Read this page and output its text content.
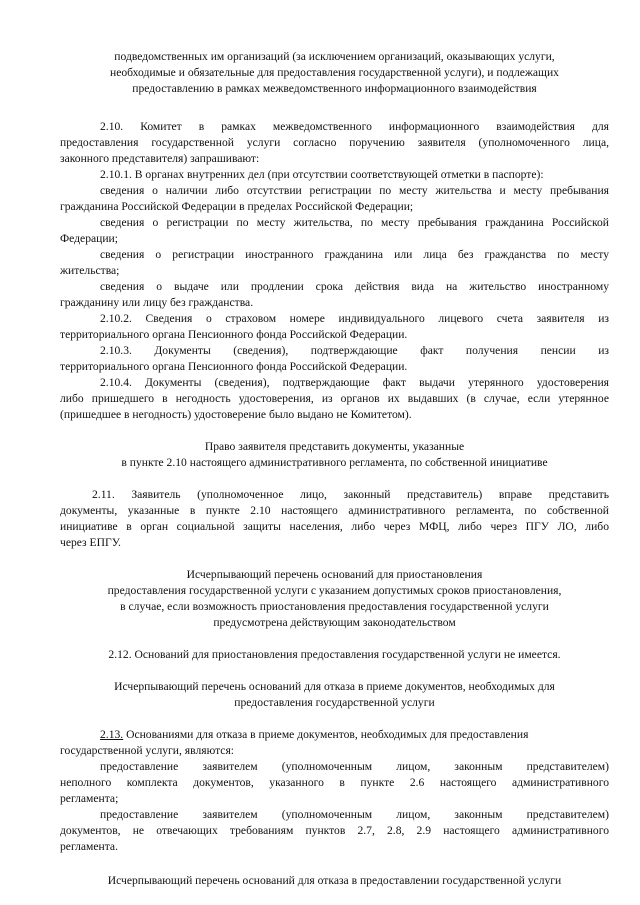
подведомственных им организаций (за исключением организаций, оказывающих услуги,
необходимые и обязательные для предоставления государственной услуги), и подлежащих
предоставлению в рамках межведомственного информационного взаимодействия
2.10. Комитет в рамках межведомственного информационного взаимодействия для
предоставления государственной услуги согласно поручению заявителя (уполномоченного лица,
законного представителя) запрашивают:
2.10.1. В органах внутренних дел (при отсутствии соответствующей отметки в паспорте):
сведения о наличии либо отсутствии регистрации по месту жительства и месту пребывания
гражданина Российской Федерации в пределах Российской Федерации;
сведения о регистрации по месту жительства, по месту пребывания гражданина Российской
Федерации;
сведения о регистрации иностранного гражданина или лица без гражданства по месту
жительства;
сведения о выдаче или продлении срока действия вида на жительство иностранному
гражданину или лицу без гражданства.
2.10.2. Сведения о страховом номере индивидуального лицевого счета заявителя из
территориального органа Пенсионного фонда Российской Федерации.
2.10.3. Документы (сведения), подтверждающие факт получения пенсии из
территориального органа Пенсионного фонда Российской Федерации.
2.10.4. Документы (сведения), подтверждающие факт выдачи утерянного удостоверения
либо пришедшего в негодность удостоверения, из органов их выдавших (в случае, если утерянное
(пришедшее в негодность) удостоверение было выдано не Комитетом).
Право заявителя представить документы, указанные
в пункте 2.10 настоящего административного регламента, по собственной инициативе
2.11. Заявитель (уполномоченное лицо, законный представитель) вправе представить
документы, указанные в пункте 2.10 настоящего административного регламента, по собственной
инициативе в орган социальной защиты населения, либо через МФЦ, либо через ПГУ ЛО, либо
через ЕПГУ.
Исчерпывающий перечень оснований для приостановления
предоставления государственной услуги с указанием допустимых сроков приостановления,
в случае, если возможность приостановления предоставления государственной услуги
предусмотрена действующим законодательством
2.12. Оснований для приостановления предоставления государственной услуги не имеется.
Исчерпывающий перечень оснований для отказа в приеме документов, необходимых для
предоставления государственной услуги
2.13. Основаниями для отказа в приеме документов, необходимых для предоставления
государственной услуги, являются:
предоставление заявителем (уполномоченным лицом, законным представителем)
неполного комплекта документов, указанного в пункте 2.6 настоящего административного
регламента;
предоставление заявителем (уполномоченным лицом, законным представителем)
документов, не отвечающих требованиям пунктов 2.7, 2.8, 2.9 настоящего административного
регламента.
Исчерпывающий перечень оснований для отказа в предоставлении государственной услуги
